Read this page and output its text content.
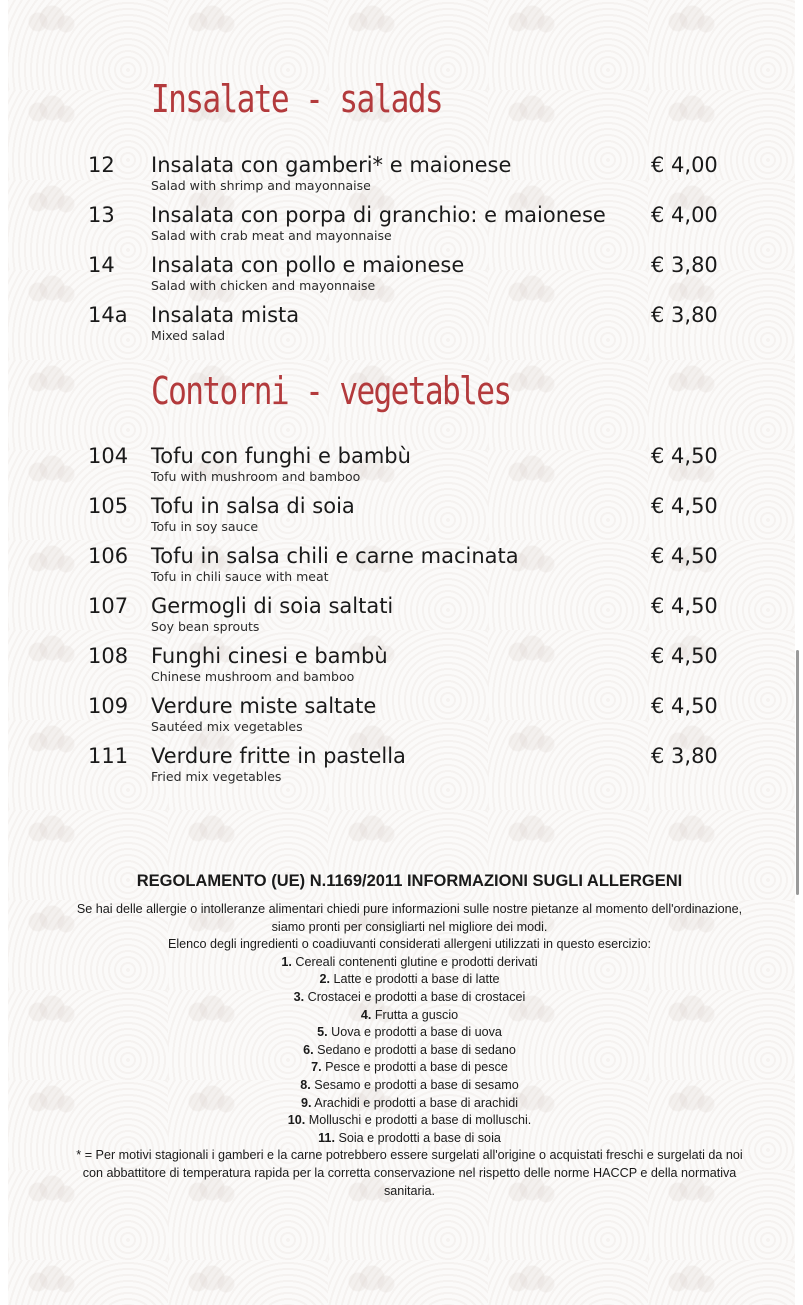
Insalate - salads
12 Insalata con gamberi* e maionese
Salad with shrimp and mayonnaise
€ 4,00
13 Insalata con porpa di granchio: e maionese
Salad with crab meat and mayonnaise
€ 4,00
14 Insalata con pollo e maionese
Salad with chicken and mayonnaise
€ 3,80
14a Insalata mista
Mixed salad
€ 3,80
Contorni - vegetables
104 Tofu con funghi e bambù
Tofu with mushroom and bamboo
€ 4,50
105 Tofu in salsa di soia
Tofu in soy sauce
€ 4,50
106 Tofu in salsa chili e carne macinata
Tofu in chili sauce with meat
€ 4,50
107 Germogli di soia saltati
Soy bean sprouts
€ 4,50
108 Funghi cinesi e bambù
Chinese mushroom and bamboo
€ 4,50
109 Verdure miste saltate
Sautéed mix vegetables
€ 4,50
111 Verdure fritte in pastella
Fried mix vegetables
€ 3,80
REGOLAMENTO (UE) N.1169/2011 INFORMAZIONI SUGLI ALLERGENI

Se hai delle allergie o intolleranze alimentari chiedi pure informazioni sulle nostre pietanze al momento dell'ordinazione, siamo pronti per consigliarti nel migliore dei modi.

Elenco degli ingredienti o coadiuvanti considerati allergeni utilizzati in questo esercizio:

1. Cereali contenenti glutine e prodotti derivati
2. Latte e prodotti a base di latte
3. Crostacei e prodotti a base di crostacei
4. Frutta a guscio
5. Uova e prodotti a base di uova
6. Sedano e prodotti a base di sedano
7. Pesce e prodotti a base di pesce
8. Sesamo e prodotti a base di sesamo
9. Arachidi e prodotti a base di arachidi
10. Molluschi e prodotti a base di molluschi.
11. Soia e prodotti a base di soia

* = Per motivi stagionali i gamberi e la carne potrebbero essere surgelati all'origine o acquistati freschi e surgelati da noi con abbattitore di temperatura rapida per la corretta conservazione nel rispetto delle norme HACCP e della normativa sanitaria.
